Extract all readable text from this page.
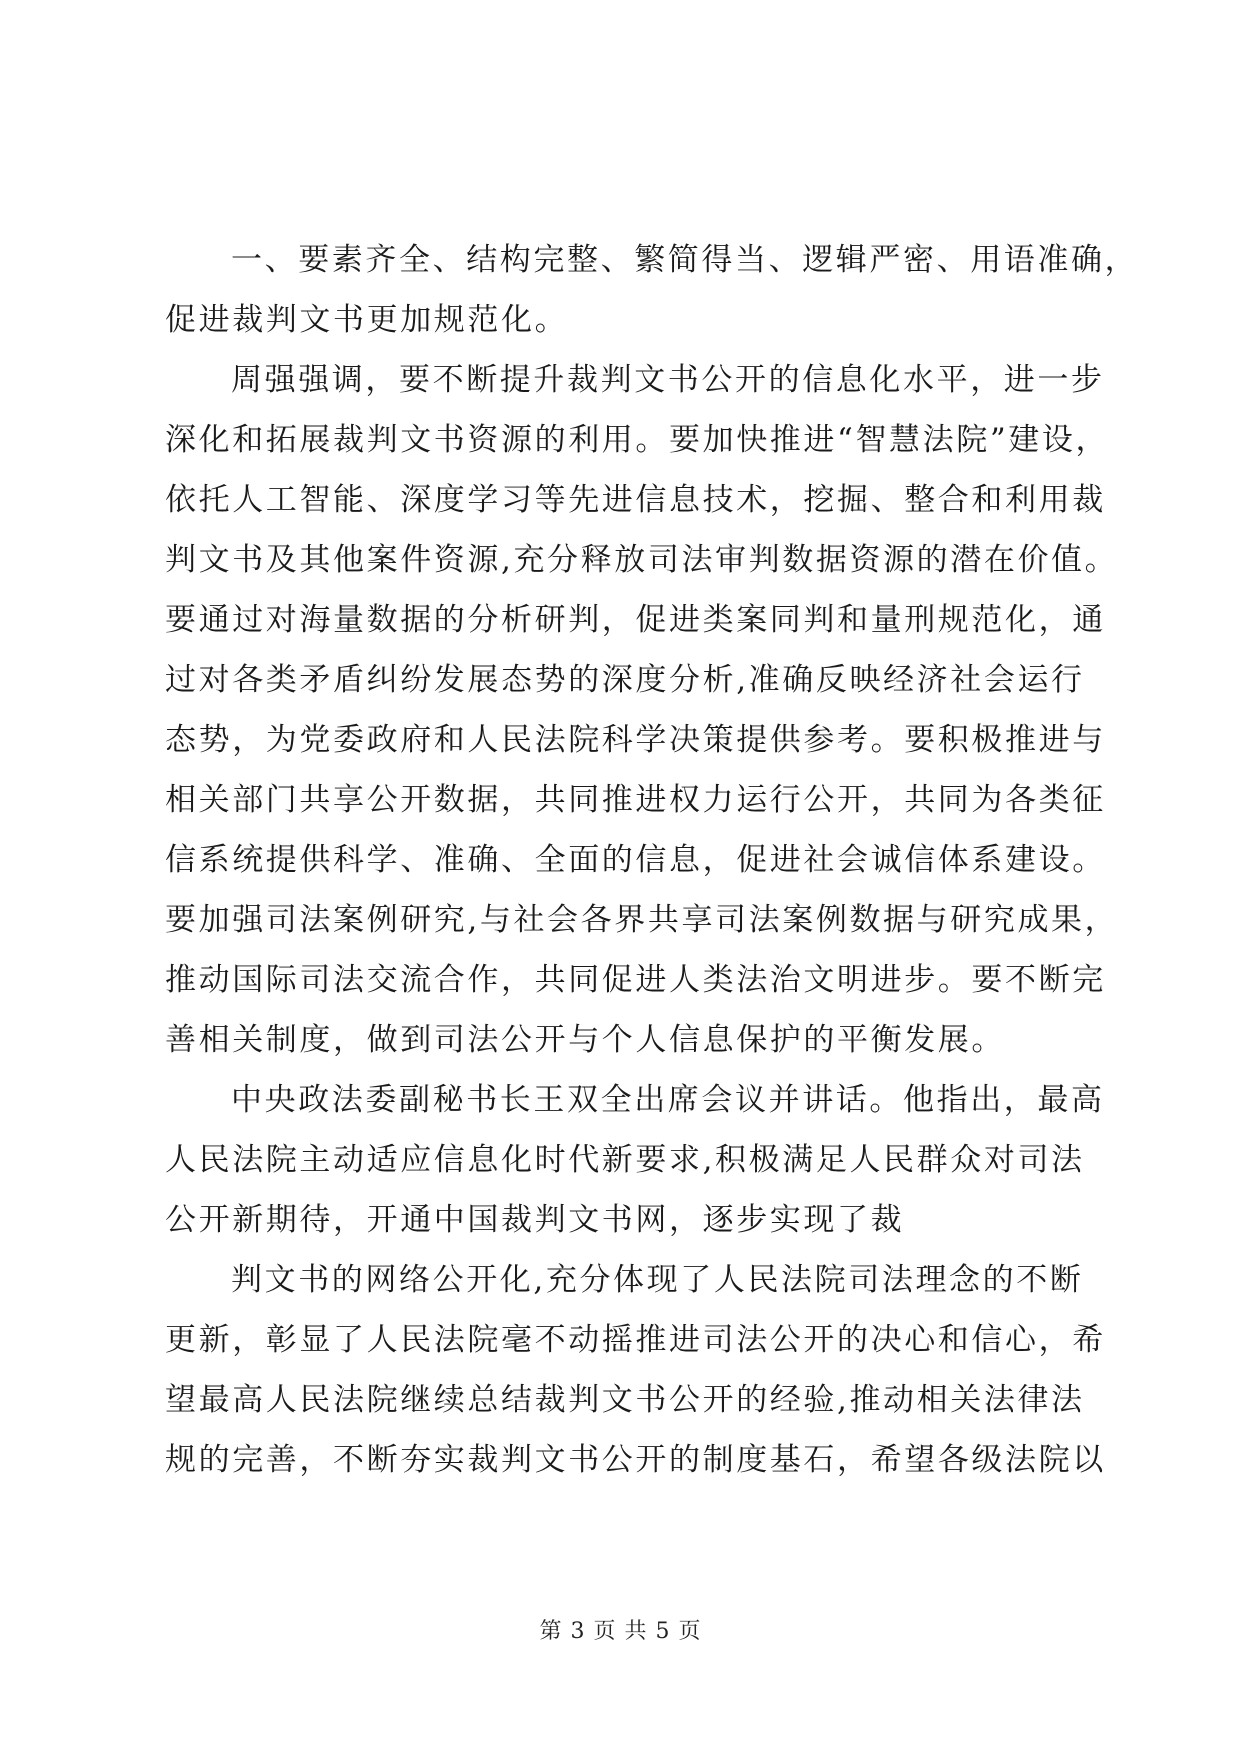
一、要素齐全、结构完整、繁简得当、逻辑严密、用语准确，
促进裁判文书更加规范化。
周强强调，要不断提升裁判文书公开的信息化水平，进一步
深化和拓展裁判文书资源的利用。要加快推进“智慧法院”建设，
依托人工智能、深度学习等先进信息技术，挖掘、整合和利用裁
判文书及其他案件资源,充分释放司法审判数据资源的潜在价值。
要通过对海量数据的分析研判，促进类案同判和量刑规范化，通
过对各类矛盾纠纷发展态势的深度分析,准确反映经济社会运行
态势，为党委政府和人民法院科学决策提供参考。要积极推进与
相关部门共享公开数据，共同推进权力运行公开，共同为各类征
信系统提供科学、准确、全面的信息，促进社会诚信体系建设。
要加强司法案例研究,与社会各界共享司法案例数据与研究成果，
推动国际司法交流合作，共同促进人类法治文明进步。要不断完
善相关制度，做到司法公开与个人信息保护的平衡发展。
中央政法委副秘书长王双全出席会议并讲话。他指出，最高
人民法院主动适应信息化时代新要求,积极满足人民群众对司法
公开新期待，开通中国裁判文书网，逐步实现了裁
判文书的网络公开化,充分体现了人民法院司法理念的不断
更新，彰显了人民法院毫不动摇推进司法公开的决心和信心，希
望最高人民法院继续总结裁判文书公开的经验,推动相关法律法
规的完善，不断夯实裁判文书公开的制度基石，希望各级法院以
第 3 页 共 5 页
